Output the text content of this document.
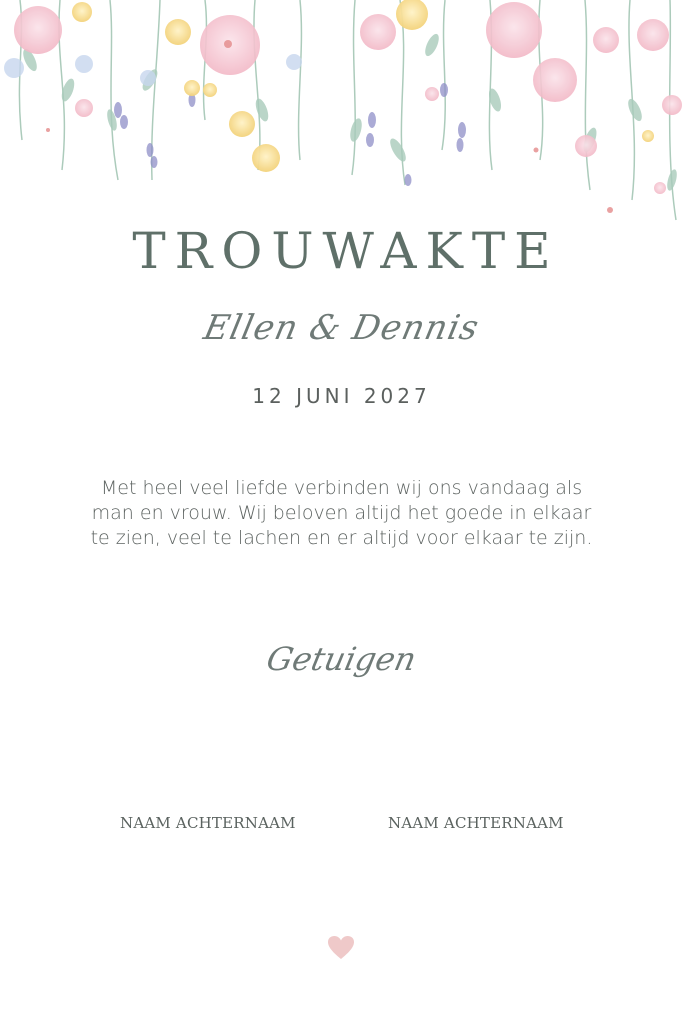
TROUWAKTE
Ellen & Dennis
12 JUNI 2027
Met heel veel liefde verbinden wij ons vandaag als man en vrouw. Wij beloven altijd het goede in elkaar te zien, veel te lachen en er altijd voor elkaar te zijn.
Getuigen
NAAM ACHTERNAAM	NAAM ACHTERNAAM
